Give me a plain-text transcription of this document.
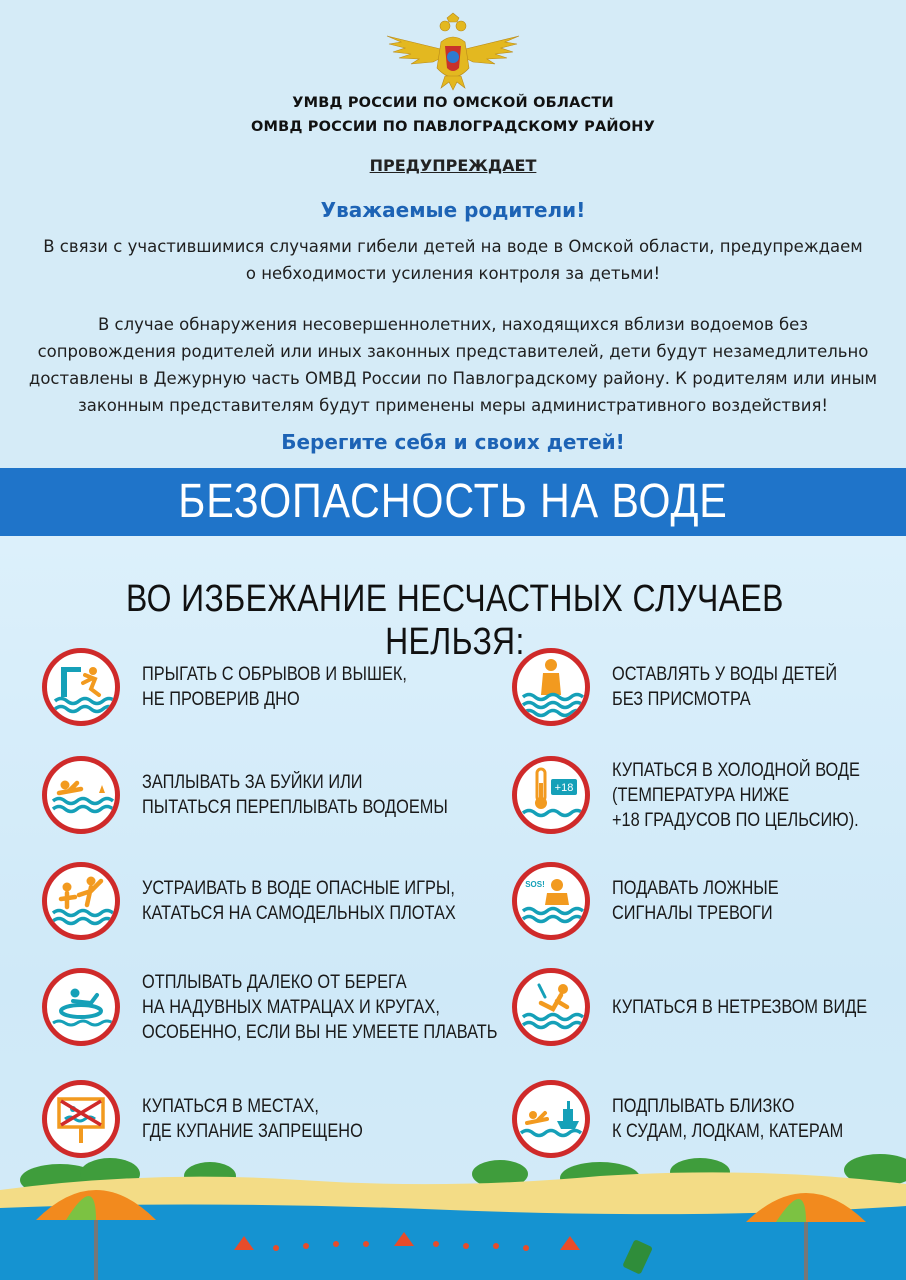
УМВД РОССИИ ПО ОМСКОЙ ОБЛАСТИ
ОМВД РОССИИ ПО ПАВЛОГРАДСКОМУ РАЙОНУ
ПРЕДУПРЕЖДАЕТ
Уважаемые родители!
В связи с участившимися случаями гибели детей на воде в Омской области, предупреждаем
о небходимости усиления контроля за детьми!
В случае обнаружения несовершеннолетних, находящихся вблизи водоемов без
сопровождения родителей или иных законных представителей, дети будут незамедлительно
доставлены в Дежурную часть ОМВД России по Павлоградскому району. К родителям или иным
законным представителям будут применены меры административного воздействия!
Берегите себя и своих детей!
БЕЗОПАСНОСТЬ НА ВОДЕ
ВО ИЗБЕЖАНИЕ НЕСЧАСТНЫХ СЛУЧАЕВ НЕЛЬЗЯ:
ПРЫГАТЬ С ОБРЫВОВ И ВЫШЕК,
НЕ ПРОВЕРИВ ДНО
ЗАПЛЫВАТЬ ЗА БУЙКИ ИЛИ
ПЫТАТЬСЯ ПЕРЕПЛЫВАТЬ ВОДОЕМЫ
УСТРАИВАТЬ В ВОДЕ ОПАСНЫЕ ИГРЫ,
КАТАТЬСЯ НА САМОДЕЛЬНЫХ ПЛОТАХ
ОТПЛЫВАТЬ ДАЛЕКО ОТ БЕРЕГА
НА НАДУВНЫХ МАТРАЦАХ И КРУГАХ,
ОСОБЕННО, ЕСЛИ ВЫ НЕ УМЕЕТЕ ПЛАВАТЬ
КУПАТЬСЯ В МЕСТАХ,
ГДЕ КУПАНИЕ ЗАПРЕЩЕНО
ОСТАВЛЯТЬ У ВОДЫ ДЕТЕЙ
БЕЗ ПРИСМОТРА
+18
КУПАТЬСЯ В ХОЛОДНОЙ ВОДЕ
(ТЕМПЕРАТУРА НИЖЕ
+18 ГРАДУСОВ ПО ЦЕЛЬСИЮ).
SOS!	ПОДАВАТЬ ЛОЖНЫЕ
СИГНАЛЫ ТРЕВОГИ
КУПАТЬСЯ В НЕТРЕЗВОМ ВИДЕ
ПОДПЛЫВАТЬ БЛИЗКО
К СУДАМ, ЛОДКАМ, КАТЕРАМ
